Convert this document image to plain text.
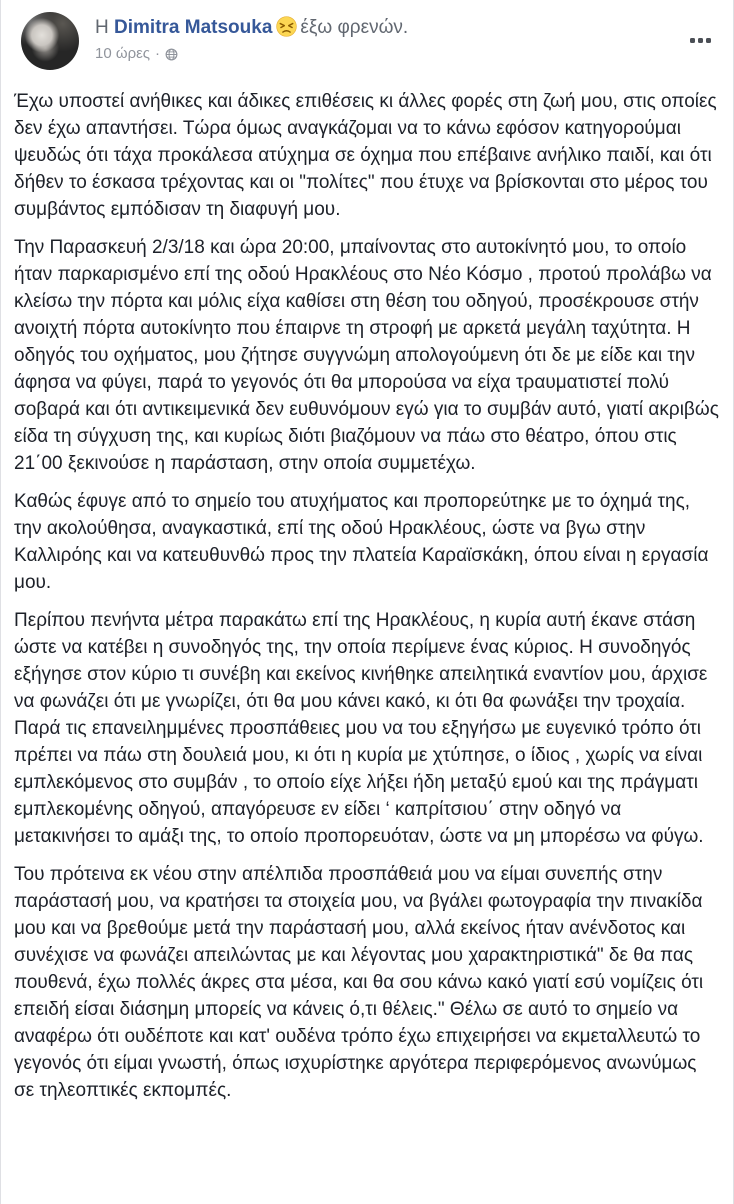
Η Dimitra Matsouka έξω φρενών.
10 ώρες ·

Έχω υποστεί ανήθικες και άδικες επιθέσεις κι άλλες φορές στη ζωή μου, στις οποίες δεν έχω απαντήσει. Τώρα όμως αναγκάζομαι να το κάνω εφόσον κατηγορούμαι ψευδώς ότι τάχα προκάλεσα ατύχημα σε όχημα που επέβαινε ανήλικο παιδί, και ότι δήθεν το έσκασα τρέχοντας και οι "πολίτες" που έτυχε να βρίσκονται στο μέρος του συμβάντος εμπόδισαν τη διαφυγή μου.

Την Παρασκευή 2/3/18 και ώρα 20:00, μπαίνοντας στο αυτοκίνητό μου, το οποίο ήταν παρκαρισμένο επί της οδού Ηρακλέους στο Νέο Κόσμο , προτού προλάβω να κλείσω την πόρτα και μόλις είχα καθίσει στη θέση του οδηγού, προσέκρουσε στήν ανοιχτή πόρτα αυτοκίνητο που έπαιρνε τη στροφή με αρκετά μεγάλη ταχύτητα. Η οδηγός του οχήματος, μου ζήτησε συγγνώμη απολογούμενη ότι δε με είδε και την άφησα να φύγει, παρά το γεγονός ότι θα μπορούσα να είχα τραυματιστεί πολύ σοβαρά και ότι αντικειμενικά δεν ευθυνόμουν εγώ για το συμβάν αυτό, γιατί ακριβώς είδα τη σύγχυση της, και κυρίως διότι βιαζόμουν να πάω στο θέατρο, όπου στις 21΄00 ξεκινούσε η παράσταση, στην οποία συμμετέχω.

Καθώς έφυγε από το σημείο του ατυχήματος και προπορεύτηκε με το όχημά της, την ακολούθησα, αναγκαστικά, επί της οδού Ηρακλέους, ώστε να βγω στην Καλλιρόης και να κατευθυνθώ προς την πλατεία Καραϊσκάκη, όπου είναι η εργασία μου.

Περίπου πενήντα μέτρα παρακάτω επί της Ηρακλέους, η κυρία αυτή έκανε στάση ώστε να κατέβει η συνοδηγός της, την οποία περίμενε ένας κύριος. Η συνοδηγός εξήγησε στον κύριο τι συνέβη και εκείνος κινήθηκε απειλητικά εναντίον μου, άρχισε να φωνάζει ότι με γνωρίζει, ότι θα μου κάνει κακό, κι ότι θα φωνάξει την τροχαία. Παρά τις επανειλημμένες προσπάθειες μου να του εξηγήσω με ευγενικό τρόπο ότι πρέπει να πάω στη δουλειά μου, κι ότι η κυρία με χτύπησε, ο ίδιος , χωρίς να είναι εμπλεκόμενος στο συμβάν , το οποίο είχε λήξει ήδη μεταξύ εμού και της πράγματι εμπλεκομένης οδηγού, απαγόρευσε εν είδει ‘ καπρίτσιου΄ στην οδηγό να μετακινήσει το αμάξι της, το οποίο προπορευόταν, ώστε να μη μπορέσω να φύγω.

Του πρότεινα εκ νέου στην απέλπιδα προσπάθειά μου να είμαι συνεπής στην παράστασή μου, να κρατήσει τα στοιχεία μου, να βγάλει φωτογραφία την πινακίδα μου και να βρεθούμε μετά την παράστασή μου, αλλά εκείνος ήταν ανένδοτος και συνέχισε να φωνάζει απειλώντας με και λέγοντας μου χαρακτηριστικά" δε θα πας πουθενά, έχω πολλές άκρες στα μέσα, και θα σου κάνω κακό γιατί εσύ νομίζεις ότι επειδή είσαι διάσημη μπορείς να κάνεις ό,τι θέλεις." Θέλω σε αυτό το σημείο να αναφέρω ότι ουδέποτε και κατ' ουδένα τρόπο έχω επιχειρήσει να εκμεταλλευτώ το γεγονός ότι είμαι γνωστή, όπως ισχυρίστηκε αργότερα περιφερόμενος ανωνύμως σε τηλεοπτικές εκπομπές.
